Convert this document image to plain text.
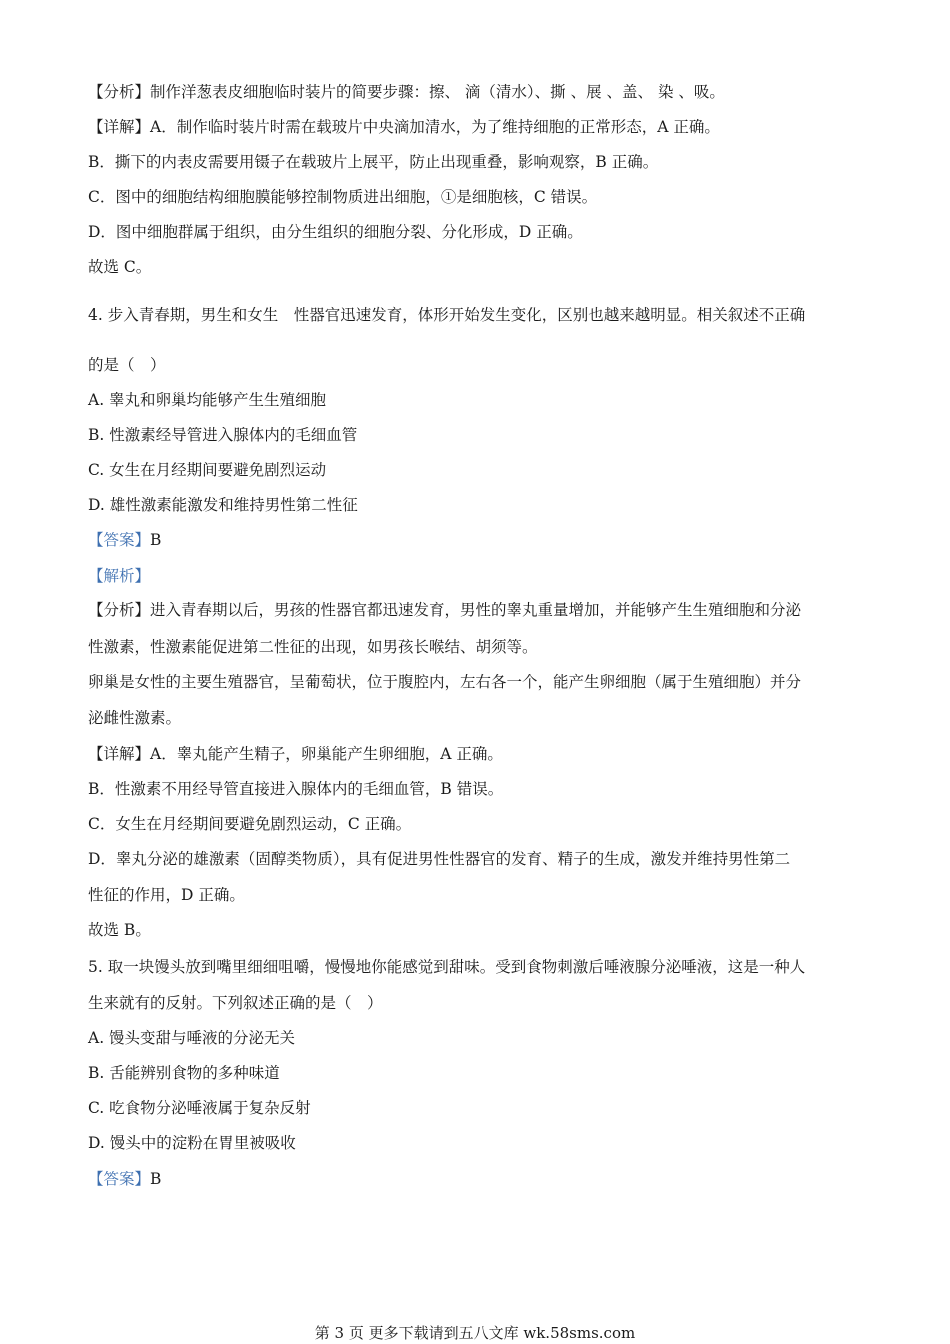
【分析】制作洋葱表皮细胞临时装片的简要步骤：擦、 滴（清水）、撕 、展 、盖、 染 、吸。
【详解】A．制作临时装片时需在载玻片中央滴加清水，为了维持细胞的正常形态，A 正确。
B．撕下的内表皮需要用镊子在载玻片上展平，防止出现重叠，影响观察，B 正确。
C．图中的细胞结构细胞膜能够控制物质进出细胞，①是细胞核，C 错误。
D．图中细胞群属于组织，由分生组织的细胞分裂、分化形成，D 正确。
故选 C。
4. 步入青春期，男生和女生　性器官迅速发育，体形开始发生变化，区别也越来越明显。相关叙述不正确
的是（　）
A. 睾丸和卵巢均能够产生生殖细胞
B. 性激素经导管进入腺体内的毛细血管
C. 女生在月经期间要避免剧烈运动
D. 雄性激素能激发和维持男性第二性征
【答案】B
【解析】
【分析】进入青春期以后，男孩的性器官都迅速发育，男性的睾丸重量增加，并能够产生生殖细胞和分泌
性激素，性激素能促进第二性征的出现，如男孩长喉结、胡须等。
卵巢是女性的主要生殖器官，呈葡萄状，位于腹腔内，左右各一个，能产生卵细胞（属于生殖细胞）并分
泌雌性激素。
【详解】A．睾丸能产生精子，卵巢能产生卵细胞，A 正确。
B．性激素不用经导管直接进入腺体内的毛细血管，B 错误。
C．女生在月经期间要避免剧烈运动，C 正确。
D．睾丸分泌的雄激素（固醇类物质），具有促进男性性器官的发育、精子的生成，激发并维持男性第二
性征的作用，D 正确。
故选 B。
5. 取一块馒头放到嘴里细细咀嚼，慢慢地你能感觉到甜味。受到食物刺激后唾液腺分泌唾液，这是一种人
生来就有的反射。下列叙述正确的是（　）
A. 馒头变甜与唾液的分泌无关
B. 舌能辨别食物的多种味道
C. 吃食物分泌唾液属于复杂反射
D. 馒头中的淀粉在胃里被吸收
【答案】B
第 3 页 更多下载请到五八文库 wk.58sms.com
